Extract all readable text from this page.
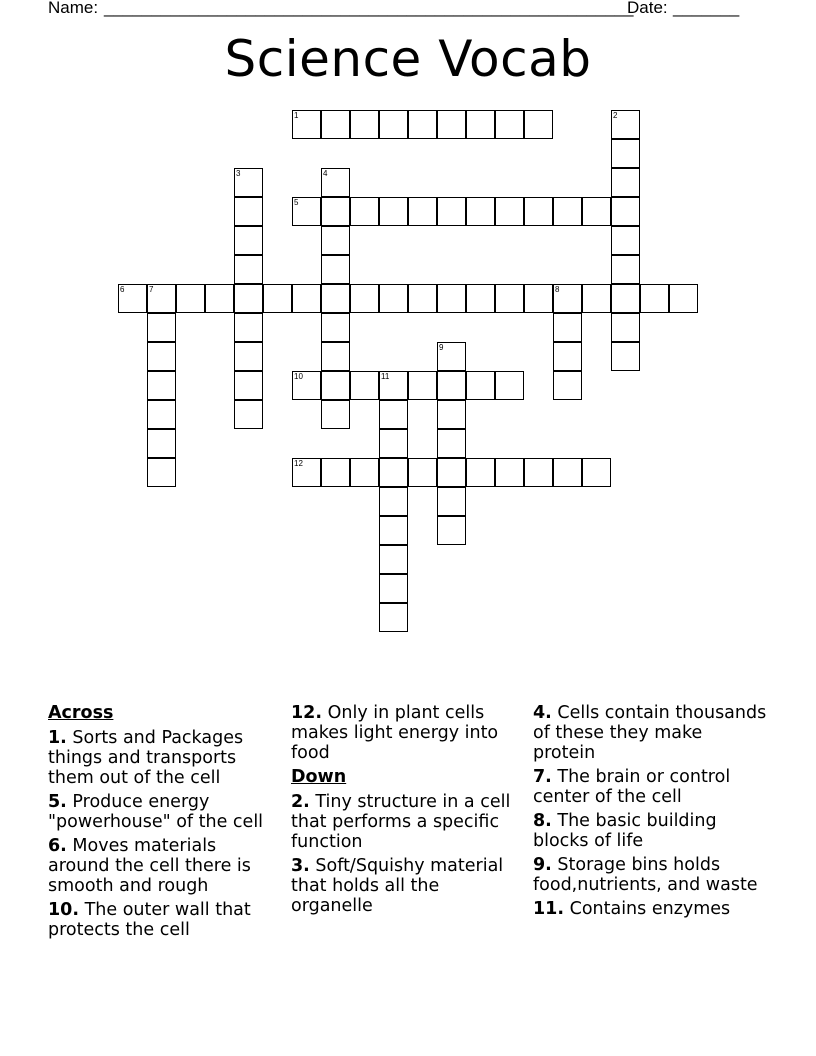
Name: ________________________________________________________
Date: _______
Science Vocab
1	2
3	4
5
6	7	8
9
10	11
12
Across
1. Sorts and Packages things and transports them out of the cell
5. Produce energy "powerhouse" of the cell
6. Moves materials around the cell there is smooth and rough
10. The outer wall that protects the cell
12. Only in plant cells makes light energy into food
Down
2. Tiny structure in a cell that performs a specific function
3. Soft/Squishy material that holds all the organelle
4. Cells contain thousands of these they make protein
7. The brain or control center of the cell
8. The basic building blocks of life
9. Storage bins holds food,nutrients, and waste
11. Contains enzymes
